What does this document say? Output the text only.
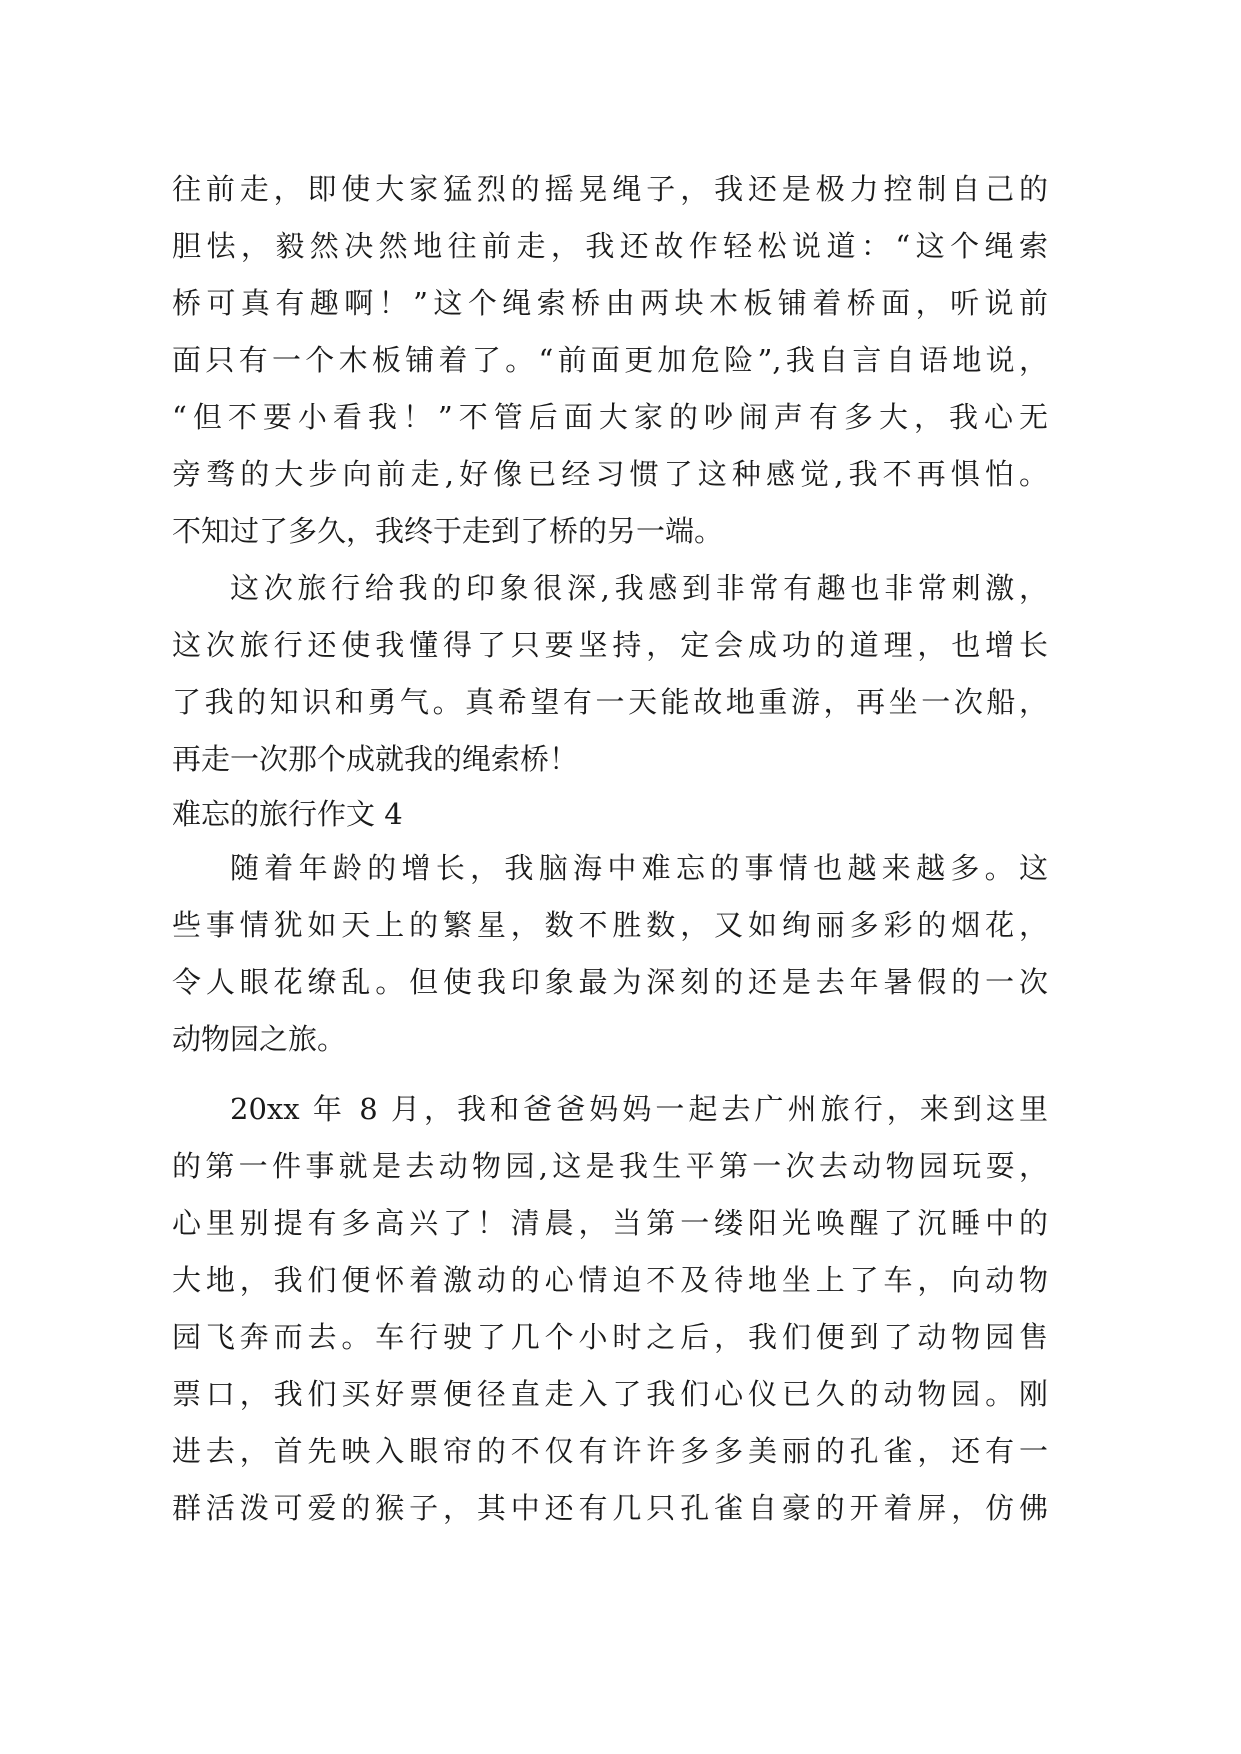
往前走，即使大家猛烈的摇晃绳子，我还是极力控制自己的
胆怯，毅然决然地往前走，我还故作轻松说道：“这个绳索
桥可真有趣啊！”这个绳索桥由两块木板铺着桥面，听说前
面只有一个木板铺着了。“前面更加危险”,我自言自语地说，
“但不要小看我！”不管后面大家的吵闹声有多大，我心无
旁骛的大步向前走,好像已经习惯了这种感觉,我不再惧怕。
不知过了多久，我终于走到了桥的另一端。
这次旅行给我的印象很深,我感到非常有趣也非常刺激，
这次旅行还使我懂得了只要坚持，定会成功的道理，也增长
了我的知识和勇气。真希望有一天能故地重游，再坐一次船，
再走一次那个成就我的绳索桥！
难忘的旅行作文 4
随着年龄的增长，我脑海中难忘的事情也越来越多。这
些事情犹如天上的繁星，数不胜数，又如绚丽多彩的烟花，
令人眼花缭乱。但使我印象最为深刻的还是去年暑假的一次
动物园之旅。
20xx 年 8 月，我和爸爸妈妈一起去广州旅行，来到这里
的第一件事就是去动物园,这是我生平第一次去动物园玩耍，
心里别提有多高兴了！清晨，当第一缕阳光唤醒了沉睡中的
大地，我们便怀着激动的心情迫不及待地坐上了车，向动物
园飞奔而去。车行驶了几个小时之后，我们便到了动物园售
票口，我们买好票便径直走入了我们心仪已久的动物园。刚
进去，首先映入眼帘的不仅有许许多多美丽的孔雀，还有一
群活泼可爱的猴子，其中还有几只孔雀自豪的开着屏，仿佛
